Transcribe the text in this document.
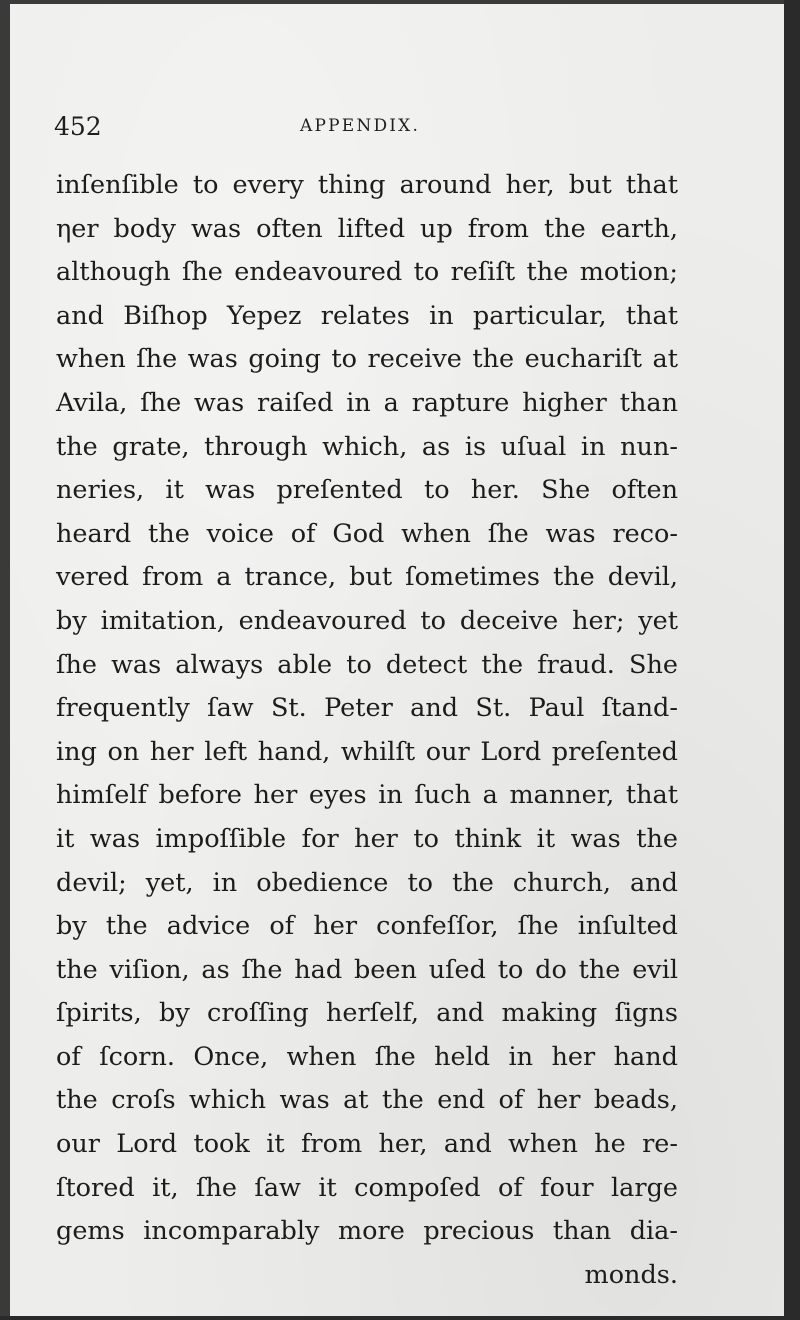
452	APPENDIX.
inſenſible to every thing around her, but that
ηer body was often lifted up from the earth,
although ſhe endeavoured to reſiſt the motion;
and Biſhop Yepez relates in particular, that
when ſhe was going to receive the euchariſt at
Avila, ſhe was raiſed in a rapture higher than
the grate, through which, as is uſual in nun-
neries, it was preſented to her. She often
heard the voice of God when ſhe was reco-
vered from a trance, but ſometimes the devil,
by imitation, endeavoured to deceive her; yet
ſhe was always able to detect the fraud. She
frequently ſaw St. Peter and St. Paul ſtand-
ing on her left hand, whilſt our Lord preſented
himſelf before her eyes in ſuch a manner, that
it was impoſſible for her to think it was the
devil; yet, in obedience to the church, and
by the advice of her confeſſor, ſhe inſulted
the viſion, as ſhe had been uſed to do the evil
ſpirits, by croſſing herſelf, and making ſigns
of ſcorn. Once, when ſhe held in her hand
the croſs which was at the end of her beads,
our Lord took it from her, and when he re-
ſtored it, ſhe ſaw it compoſed of four large
gems incomparably more precious than dia-
monds.
